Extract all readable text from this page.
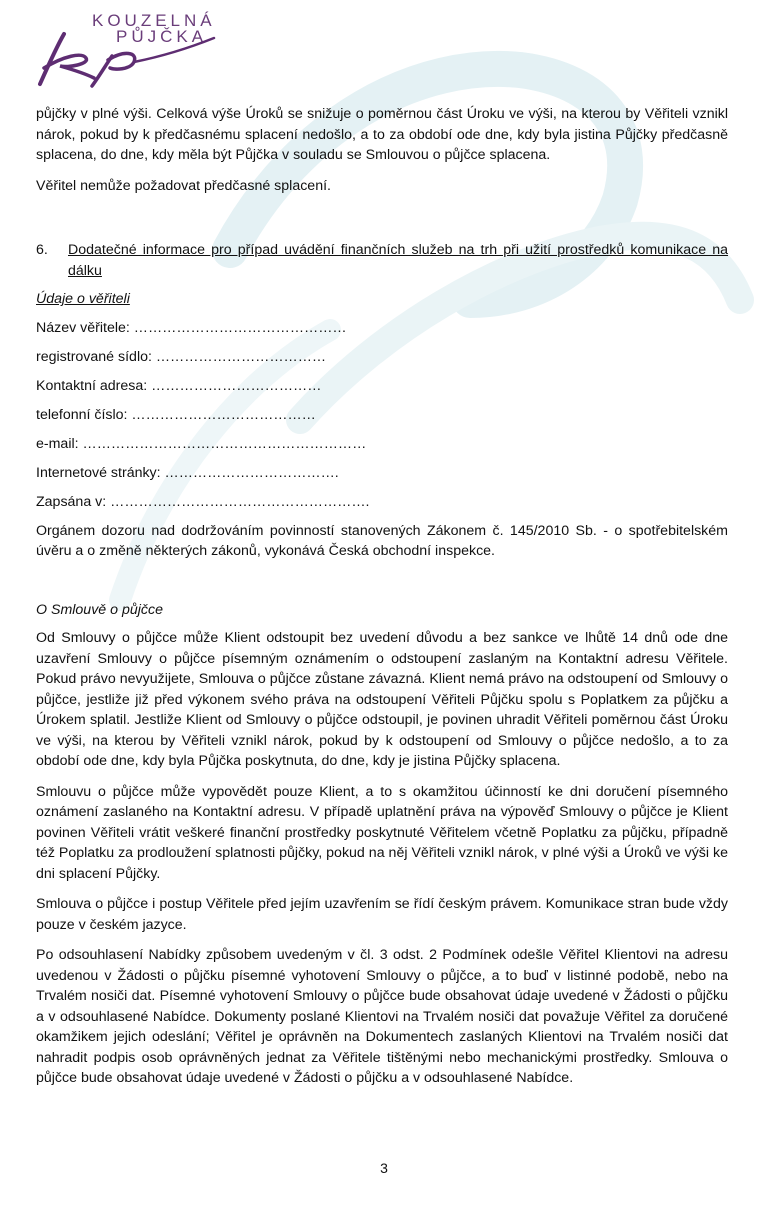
KOUZELNÁ
PŮJČKA

půjčky v plné výši. Celková výše Úroků se snižuje o poměrnou část Úroku ve výši, na kterou by Věřiteli vznikl nárok, pokud by k předčasnému splacení nedošlo, a to za období ode dne, kdy byla jistina Půjčky předčasně splacena, do dne, kdy měla být Půjčka v souladu se Smlouvou o půjčce splacena.

Věřitel nemůže požadovat předčasné splacení.

6.	Dodatečné informace pro případ uvádění finančních služeb na trh při užití prostředků komunikace na dálku
Údaje o věřiteli
Název věřitele: ………………………………………
registrované sídlo: ………………………………
Kontaktní adresa: ………………………………
telefonní číslo: …………………………………
e-mail: ……………………………………………………
Internetové stránky: ……………………………….
Zapsána v: ……………………………………………….

Orgánem dozoru nad dodržováním povinností stanovených Zákonem č. 145/2010 Sb. - o spotřebitelském úvěru a o změně některých zákonů, vykonává Česká obchodní inspekce.

O Smlouvě o půjčce

Od Smlouvy o půjčce může Klient odstoupit bez uvedení důvodu a bez sankce ve lhůtě 14 dnů ode dne uzavření Smlouvy o půjčce písemným oznámením o odstoupení zaslaným na Kontaktní adresu Věřitele. Pokud právo nevyužijete, Smlouva o půjčce zůstane závazná. Klient nemá právo na odstoupení od Smlouvy o půjčce, jestliže již před výkonem svého práva na odstoupení Věřiteli Půjčku spolu s Poplatkem za půjčku a Úrokem splatil. Jestliže Klient od Smlouvy o půjčce odstoupil, je povinen uhradit Věřiteli poměrnou část Úroku ve výši, na kterou by Věřiteli vznikl nárok, pokud by k odstoupení od Smlouvy o půjčce nedošlo, a to za období ode dne, kdy byla Půjčka poskytnuta, do dne, kdy je jistina Půjčky splacena.

Smlouvu o půjčce může vypovědět pouze Klient, a to s okamžitou účinností ke dni doručení písemného oznámení zaslaného na Kontaktní adresu. V případě uplatnění práva na výpověď Smlouvy o půjčce je Klient povinen Věřiteli vrátit veškeré finanční prostředky poskytnuté Věřitelem včetně Poplatku za půjčku, případně též Poplatku za prodloužení splatnosti půjčky, pokud na něj Věřiteli vznikl nárok, v plné výši a Úroků ve výši ke dni splacení Půjčky.

Smlouva o půjčce i postup Věřitele před jejím uzavřením se řídí českým právem. Komunikace stran bude vždy pouze v českém jazyce.

Po odsouhlasení Nabídky způsobem uvedeným v čl. 3 odst. 2 Podmínek odešle Věřitel Klientovi na adresu uvedenou v Žádosti o půjčku písemné vyhotovení Smlouvy o půjčce, a to buď v listinné podobě, nebo na Trvalém nosiči dat. Písemné vyhotovení Smlouvy o půjčce bude obsahovat údaje uvedené v Žádosti o půjčku a v odsouhlasené Nabídce. Dokumenty poslané Klientovi na Trvalém nosiči dat považuje Věřitel za doručené okamžikem jejich odeslání; Věřitel je oprávněn na Dokumentech zaslaných Klientovi na Trvalém nosiči dat nahradit podpis osob oprávněných jednat za Věřitele tištěnými nebo mechanickými prostředky. Smlouva o půjčce bude obsahovat údaje uvedené v Žádosti o půjčku a v odsouhlasené Nabídce.

3
